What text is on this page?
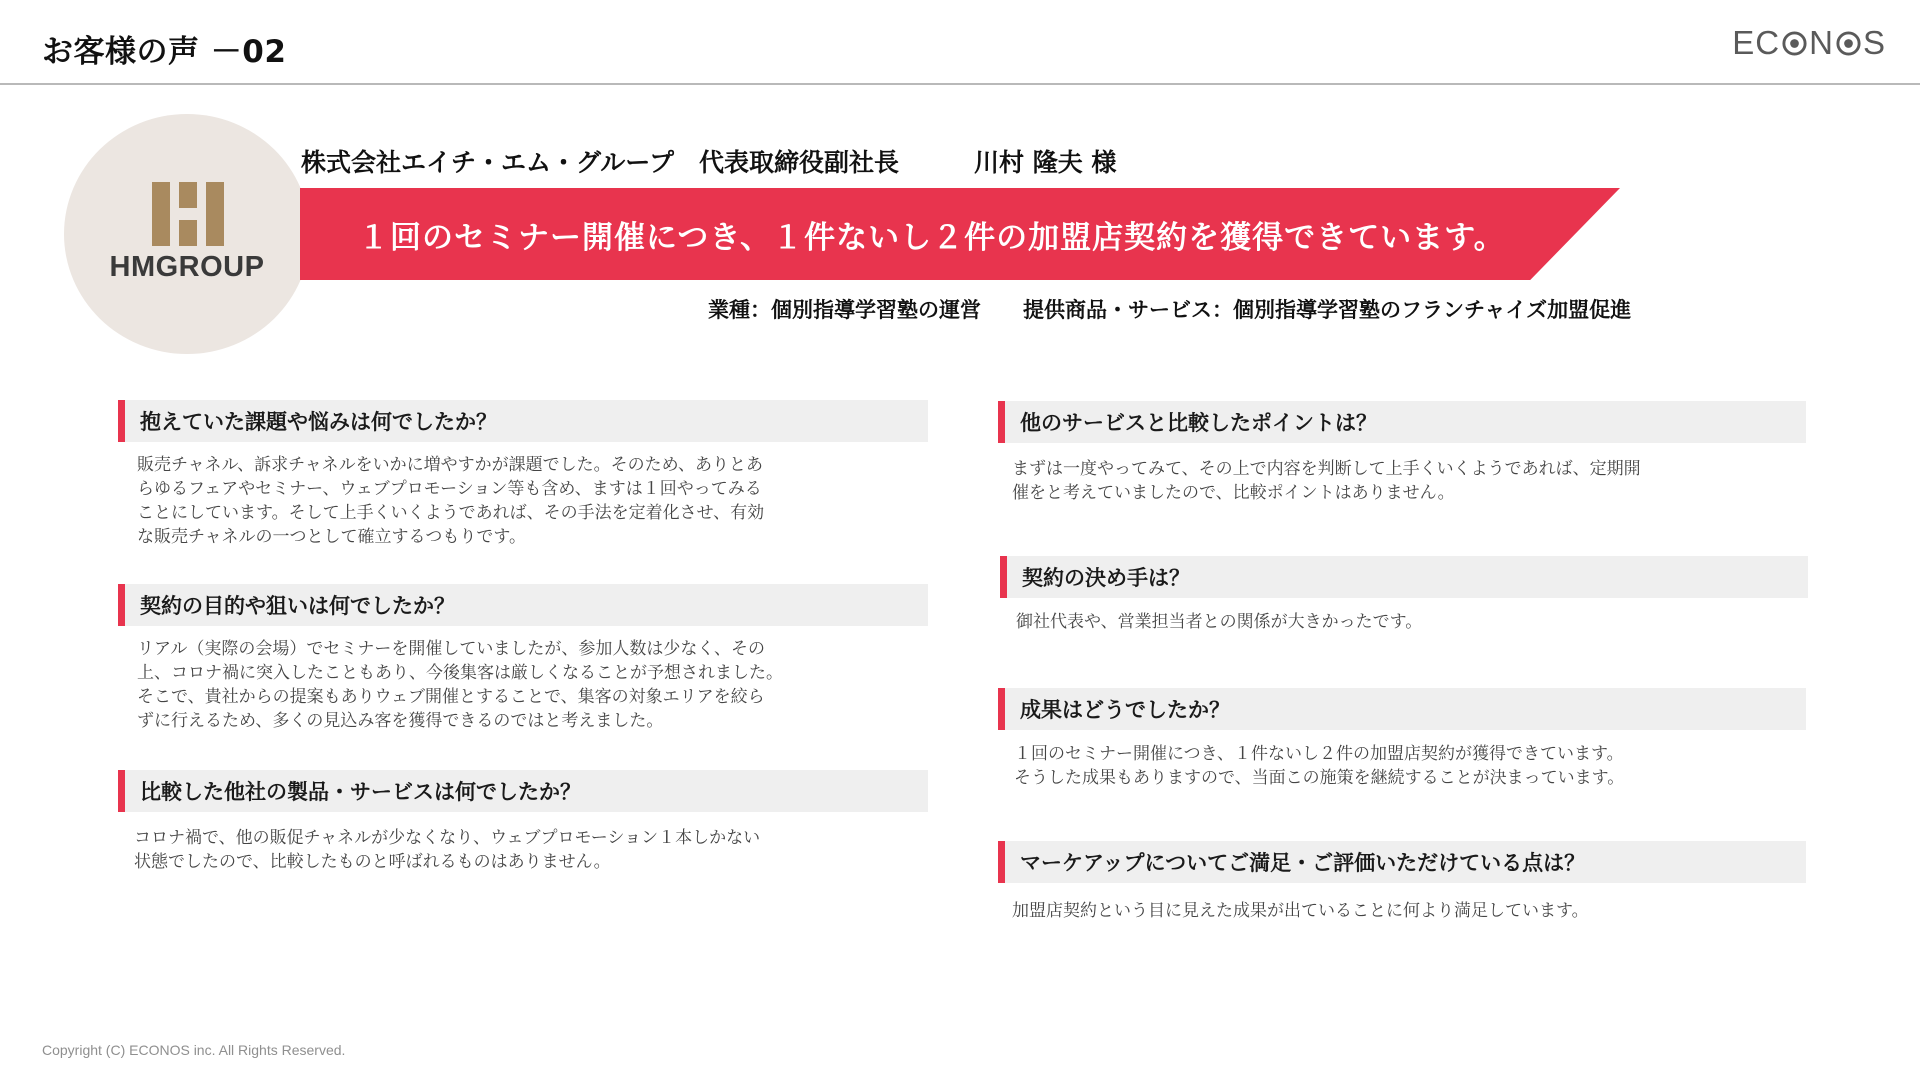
お客様の声 －02	EC N S
HMGROUP
株式会社エイチ・エム・グループ　代表取締役副社長　　　川村 隆夫 様
１回のセミナー開催につき、１件ないし２件の加盟店契約を獲得できています。
業種：個別指導学習塾の運営　　提供商品・サービス：個別指導学習塾のフランチャイズ加盟促進
抱えていた課題や悩みは何でしたか？
販売チャネル、訴求チャネルをいかに増やすかが課題でした。そのため、ありとあ
らゆるフェアやセミナー、ウェブプロモーション等も含め、ますは１回やってみる
ことにしています。そして上手くいくようであれば、その手法を定着化させ、有効
な販売チャネルの一つとして確立するつもりです。
契約の目的や狙いは何でしたか？
リアル（実際の会場）でセミナーを開催していましたが、参加人数は少なく、その
上、コロナ禍に突入したこともあり、今後集客は厳しくなることが予想されました。
そこで、貴社からの提案もありウェブ開催とすることで、集客の対象エリアを絞ら
ずに行えるため、多くの見込み客を獲得できるのではと考えました。
比較した他社の製品・サービスは何でしたか？
コロナ禍で、他の販促チャネルが少なくなり、ウェブプロモーション１本しかない
状態でしたので、比較したものと呼ばれるものはありません。
他のサービスと比較したポイントは？
まずは一度やってみて、その上で内容を判断して上手くいくようであれば、定期開
催をと考えていましたので、比較ポイントはありません。
契約の決め手は？
御社代表や、営業担当者との関係が大きかったです。
成果はどうでしたか？
１回のセミナー開催につき、１件ないし２件の加盟店契約が獲得できています。
そうした成果もありますので、当面この施策を継続することが決まっています。
マーケアップについてご満足・ご評価いただけている点は？
加盟店契約という目に見えた成果が出ていることに何より満足しています。
Copyright (C) ECONOS inc. All Rights Reserved.
